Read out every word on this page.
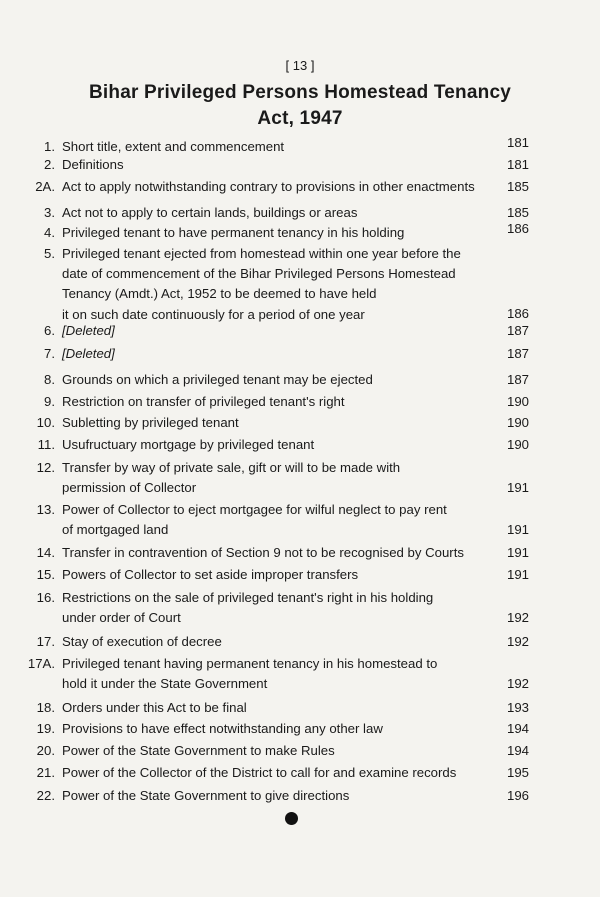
[ 13 ]
Bihar Privileged Persons Homestead Tenancy Act, 1947
1. Short title, extent and commencement	181
2. Definitions	181
2A. Act to apply notwithstanding contrary to provisions in other enactments	185
3. Act not to apply to certain lands, buildings or areas	185
4. Privileged tenant to have permanent tenancy in his holding	186
5. Privileged tenant ejected from homestead within one year before the
date of commencement of the Bihar Privileged Persons Homestead
Tenancy (Amdt.) Act, 1952 to be deemed to have held
it on such date continuously for a period of one year	186
6. [Deleted]	187
7. [Deleted]	187
8. Grounds on which a privileged tenant may be ejected	187
9. Restriction on transfer of privileged tenant's right	190
10. Subletting by privileged tenant	190
11. Usufructuary mortgage by privileged tenant	190
12. Transfer by way of private sale, gift or will to be made with
permission of Collector	191
13. Power of Collector to eject mortgagee for wilful neglect to pay rent
of mortgaged land	191
14. Transfer in contravention of Section 9 not to be recognised by Courts	191
15. Powers of Collector to set aside improper transfers	191
16. Restrictions on the sale of privileged tenant's right in his holding
under order of Court	192
17. Stay of execution of decree	192
17A. Privileged tenant having permanent tenancy in his homestead to
hold it under the State Government	192
18. Orders under this Act to be final	193
19. Provisions to have effect notwithstanding any other law	194
20. Power of the State Government to make Rules	194
21. Power of the Collector of the District to call for and examine records	195
22. Power of the State Government to give directions	196
